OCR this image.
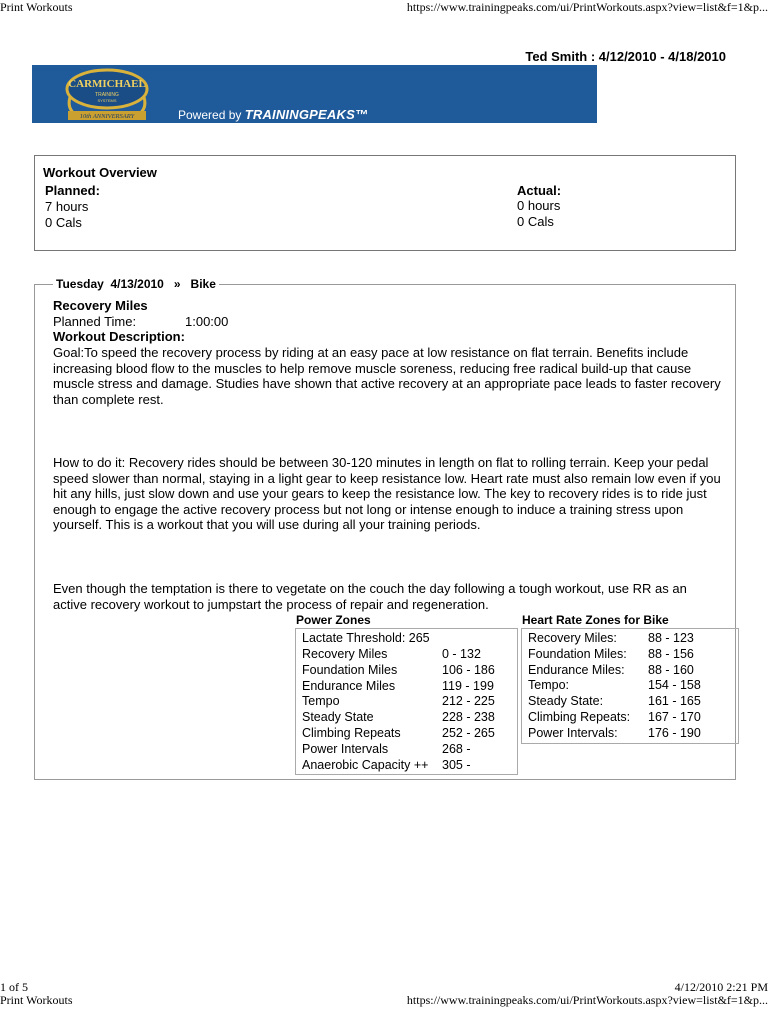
Print Workouts	https://www.trainingpeaks.com/ui/PrintWorkouts.aspx?view=list&f=1&p...
Ted Smith : 4/12/2010 - 4/18/2010
CARMICHAEL
TRAINING
SYSTEMS
10th ANNIVERSARY	Powered by TRAININGPEAKS™
Workout Overview
Planned:
7 hours
0 Cals
Actual:
0 hours
0 Cals
Tuesday  4/13/2010   »   Bike
Recovery Miles
Planned Time:	1:00:00
Workout Description:
Goal:To speed the recovery process by riding at an easy pace at low resistance on flat terrain. Benefits include increasing blood flow to the muscles to help remove muscle soreness, reducing free radical build-up that cause muscle stress and damage. Studies have shown that active recovery at an appropriate pace leads to faster recovery than complete rest.
How to do it: Recovery rides should be between 30-120 minutes in length on flat to rolling terrain. Keep your pedal speed slower than normal, staying in a light gear to keep resistance low. Heart rate must also remain low even if you hit any hills, just slow down and use your gears to keep the resistance low. The key to recovery rides is to ride just enough to engage the active recovery process but not long or intense enough to induce a training stress upon yourself. This is a workout that you will use during all your training periods.
Even though the temptation is there to vegetate on the couch the day following a tough workout, use RR as an active recovery workout to jumpstart the process of repair and regeneration.
Power Zones
Lactate Threshold: 265
Recovery Miles	0 - 132
Foundation Miles	106 - 186
Endurance Miles	119 - 199
Tempo	212 - 225
Steady State	228 - 238
Climbing Repeats	252 - 265
Power Intervals	268 -
Anaerobic Capacity ++ 305 -
Heart Rate Zones for Bike
Recovery Miles: 88 - 123
Foundation Miles: 88 - 156
Endurance Miles: 88 - 160
Tempo:	154 - 158
Steady State:	161 - 165
Climbing Repeats: 167 - 170
Power Intervals: 176 - 190
1 of 5	4/12/2010 2:21 PM
Print Workouts	https://www.trainingpeaks.com/ui/PrintWorkouts.aspx?view=list&f=1&p...
